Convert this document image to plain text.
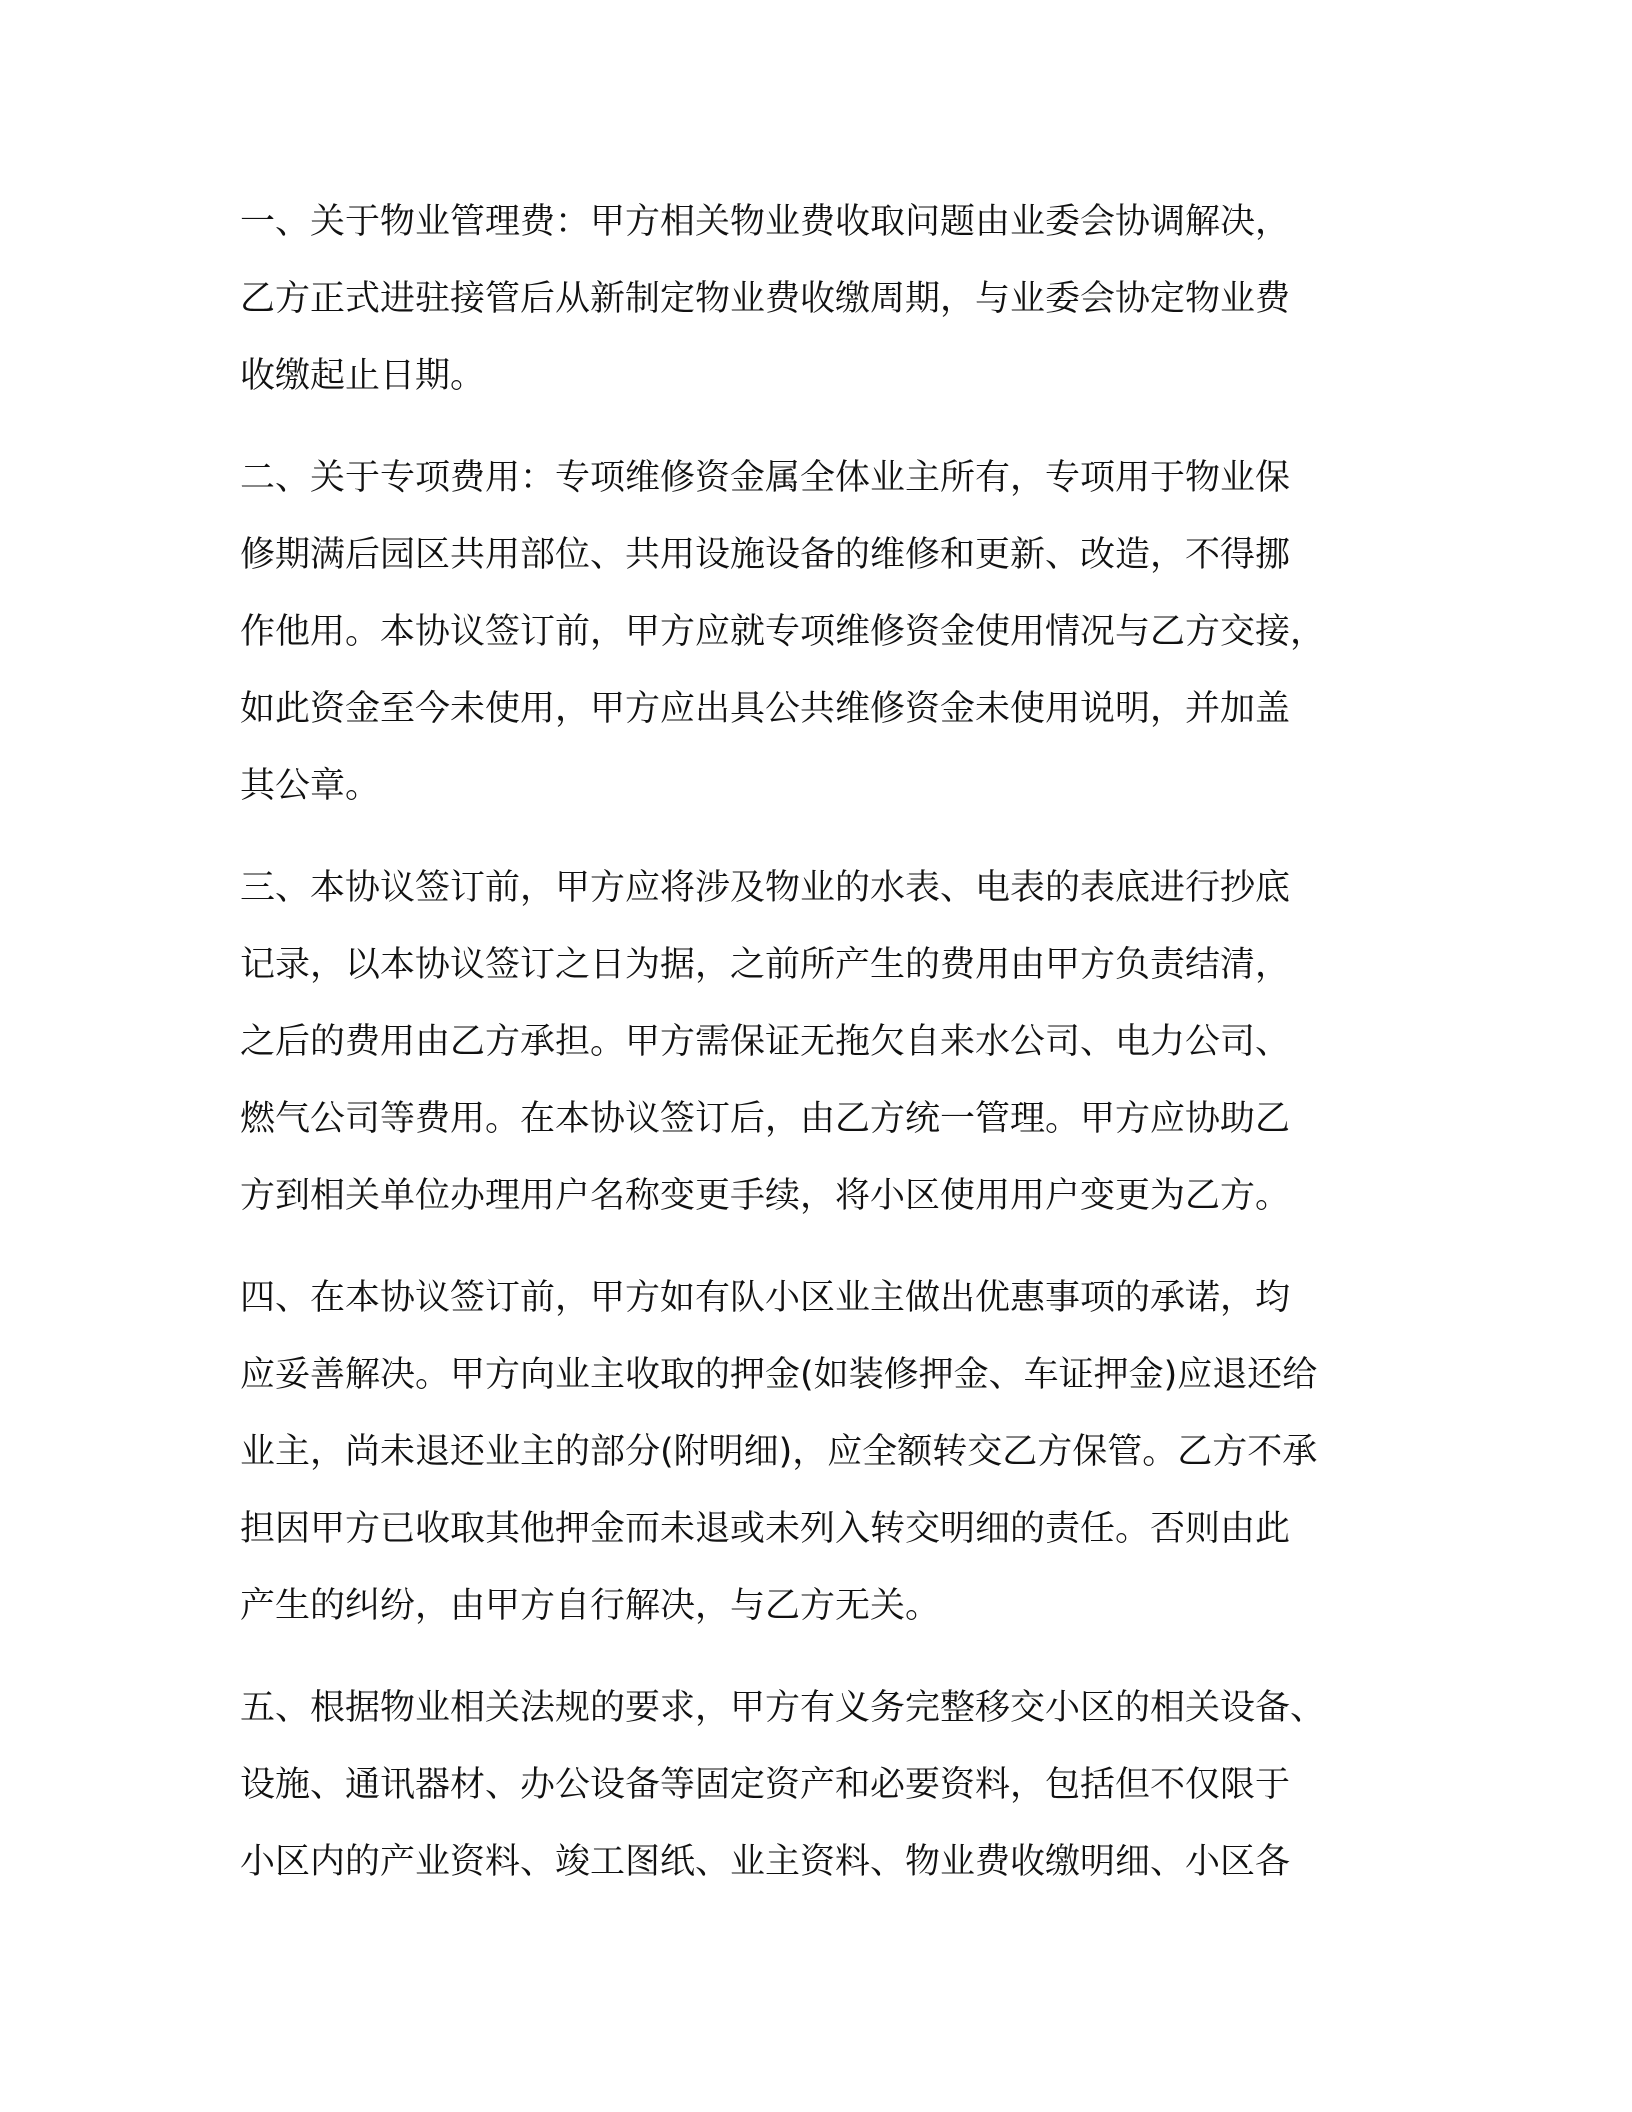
一、关于物业管理费：甲方相关物业费收取问题由业委会协调解决，
乙方正式进驻接管后从新制定物业费收缴周期，与业委会协定物业费
收缴起止日期。

二、关于专项费用：专项维修资金属全体业主所有，专项用于物业保
修期满后园区共用部位、共用设施设备的维修和更新、改造，不得挪
作他用。本协议签订前，甲方应就专项维修资金使用情况与乙方交接，
如此资金至今未使用，甲方应出具公共维修资金未使用说明，并加盖
其公章。

三、本协议签订前，甲方应将涉及物业的水表、电表的表底进行抄底
记录，以本协议签订之日为据，之前所产生的费用由甲方负责结清，
之后的费用由乙方承担。甲方需保证无拖欠自来水公司、电力公司、
燃气公司等费用。在本协议签订后，由乙方统一管理。甲方应协助乙
方到相关单位办理用户名称变更手续，将小区使用用户变更为乙方。

四、在本协议签订前，甲方如有队小区业主做出优惠事项的承诺，均
应妥善解决。甲方向业主收取的押金(如装修押金、车证押金)应退还给
业主，尚未退还业主的部分(附明细)，应全额转交乙方保管。乙方不承
担因甲方已收取其他押金而未退或未列入转交明细的责任。否则由此
产生的纠纷，由甲方自行解决，与乙方无关。

五、根据物业相关法规的要求，甲方有义务完整移交小区的相关设备、
设施、通讯器材、办公设备等固定资产和必要资料，包括但不仅限于
小区内的产业资料、竣工图纸、业主资料、物业费收缴明细、小区各
